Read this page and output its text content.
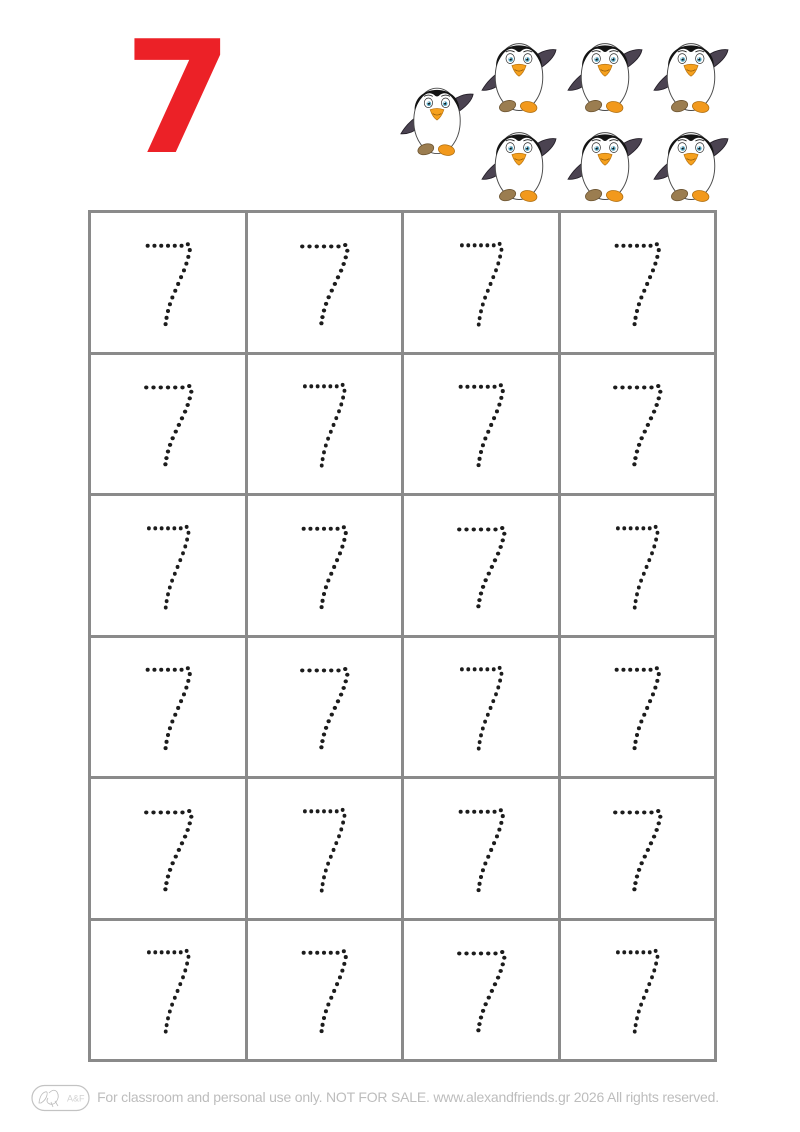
7
A&F For classroom and personal use only. NOT FOR SALE. www.alexandfriends.gr 2026 All rights reserved.
